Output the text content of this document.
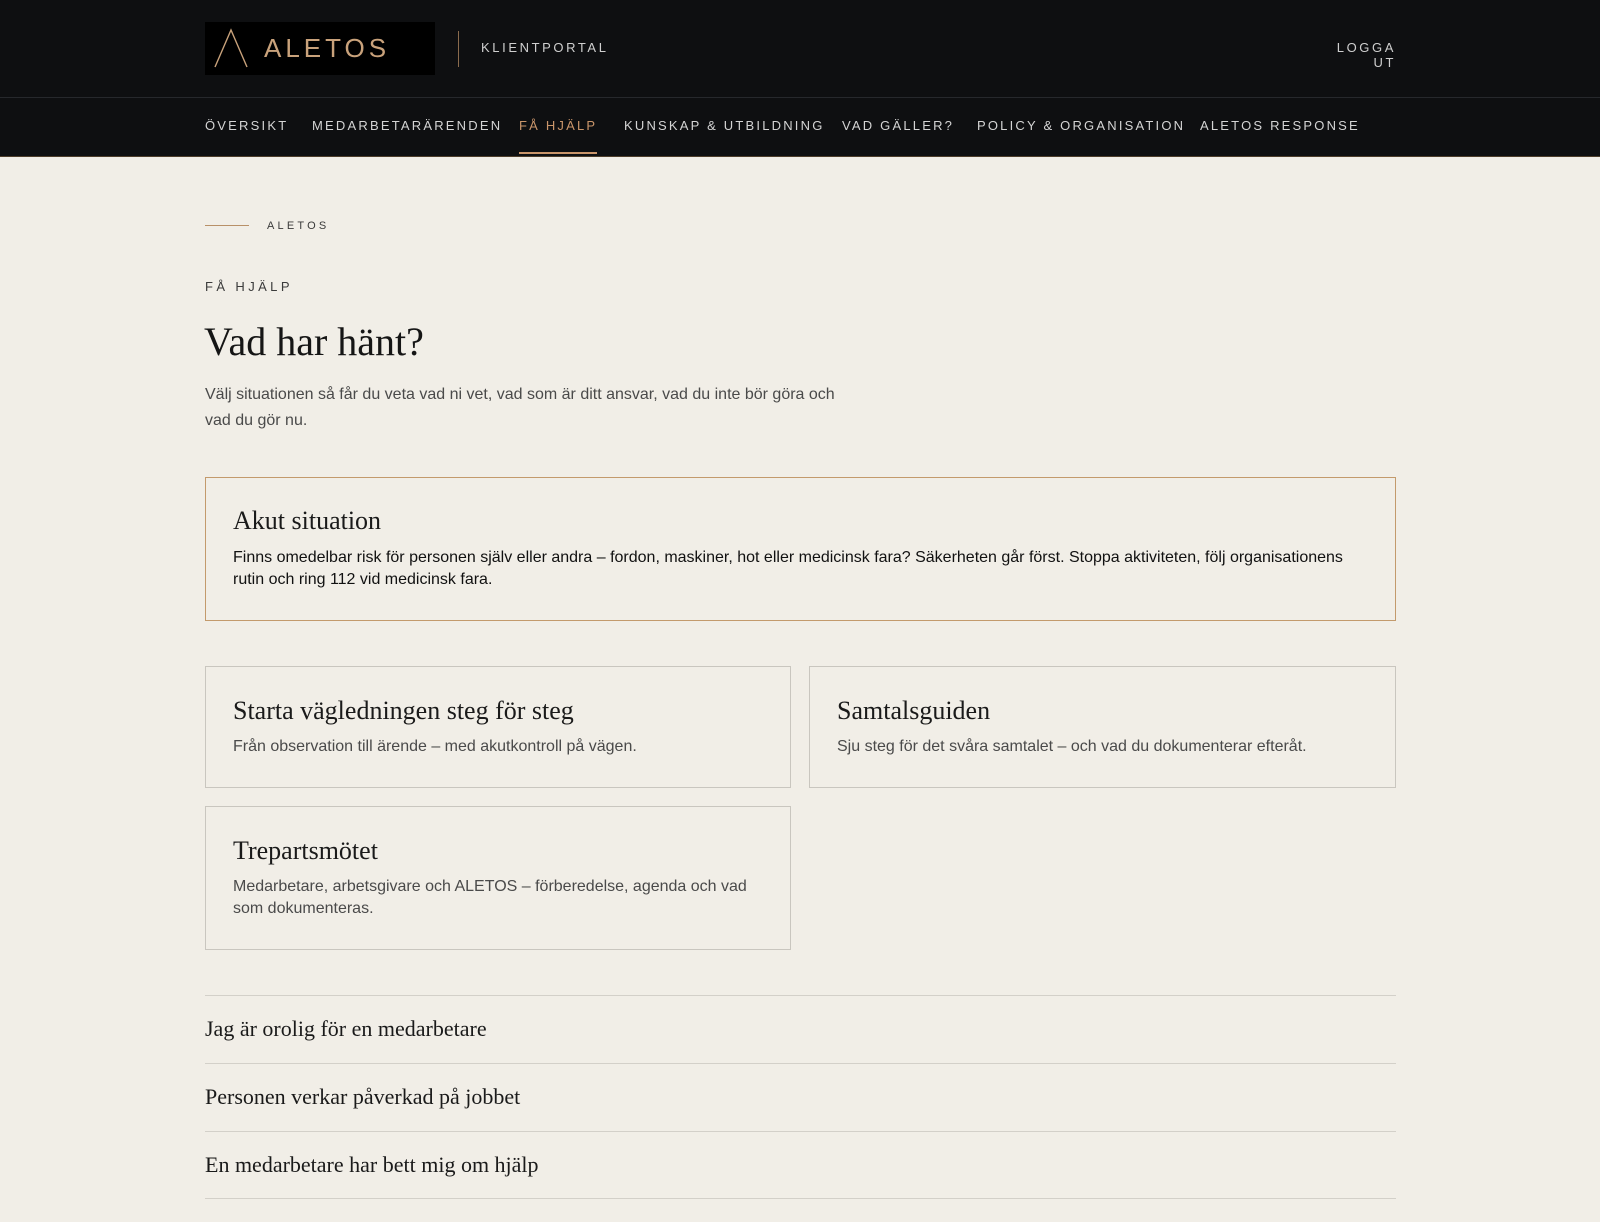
ALETOS	KLIENTPORTAL	LOGGA UT
ÖVERSIKT MEDARBETARÄRENDEN FÅ HJÄLP KUNSKAP & UTBILDNING VAD GÄLLER? POLICY & ORGANISATION ALETOS RESPONSE
ALETOS
FÅ HJÄLP
Vad har hänt?

Välj situationen så får du veta vad ni vet, vad som är ditt ansvar, vad du inte bör göra och vad du gör nu.

Akut situation

Finns omedelbar risk för personen själv eller andra – fordon, maskiner, hot eller medicinsk fara? Säkerheten går först. Stoppa aktiviteten, följ organisationens rutin och ring 112 vid medicinsk fara.

Starta vägledningen steg för steg

Från observation till ärende – med akutkontroll på vägen.

Samtalsguiden

Sju steg för det svåra samtalet – och vad du dokumenterar efteråt.

Trepartsmötet

Medarbetare, arbetsgivare och ALETOS – förberedelse, agenda och vad som dokumenteras.

Jag är orolig för en medarbetare
Personen verkar påverkad på jobbet
En medarbetare har bett mig om hjälp
